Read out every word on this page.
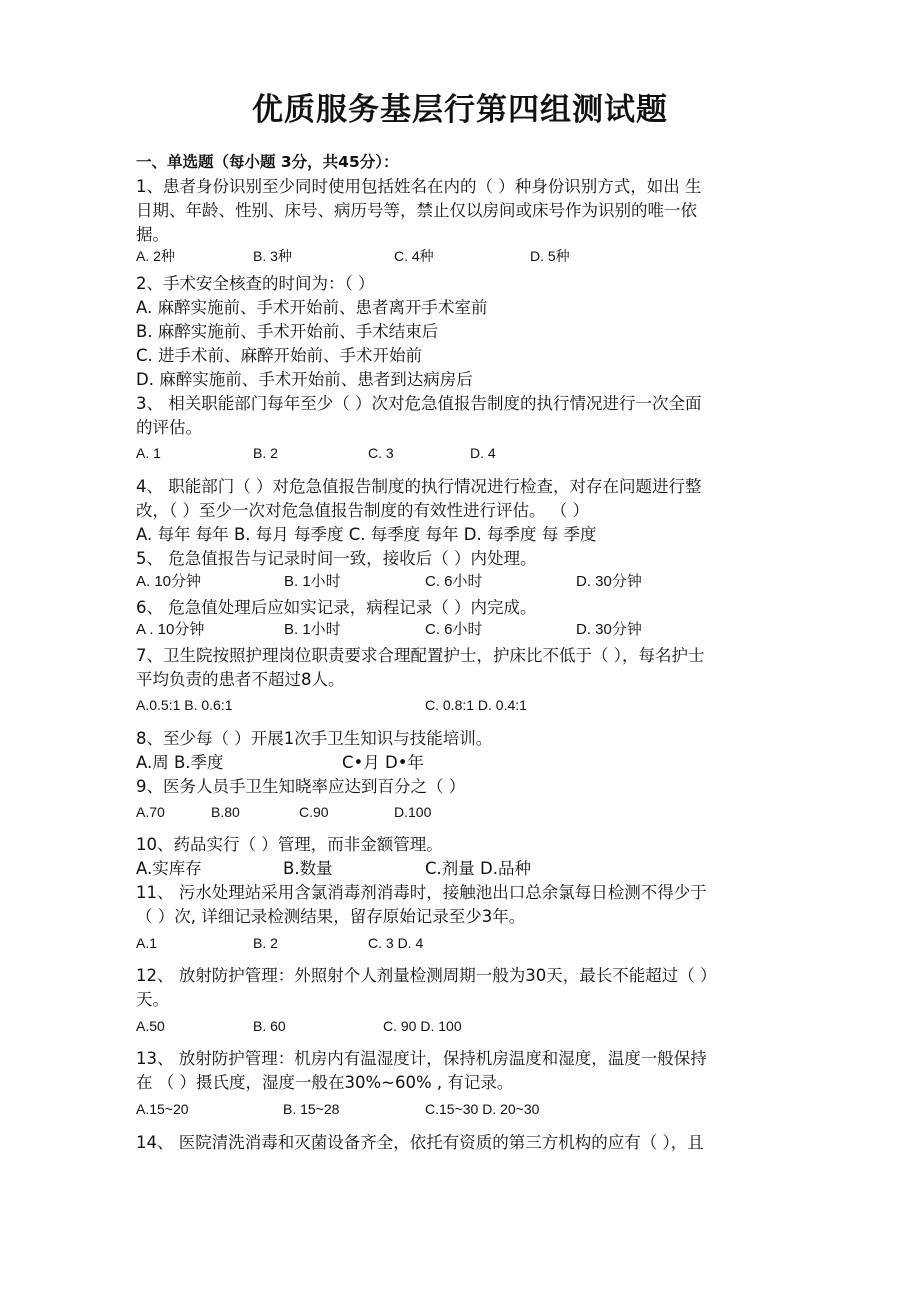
优质服务基层行第四组测试题
一、单选题（每小题 3分，共45分）：
1、患者身份识别至少同时使用包括姓名在内的（ ）种身份识别方式，如出 生
日期、年龄、性别、床号、病历号等，禁止仅以房间或床号作为识别的唯一依
据。
A. 2种	B. 3种	C. 4种	D. 5种
2、手术安全核查的时间为：（ ）
A. 麻醉实施前、手术开始前、患者离开手术室前
B. 麻醉实施前、手术开始前、手术结束后
C. 进手术前、麻醉开始前、手术开始前
D. 麻醉实施前、手术开始前、患者到达病房后
3、 相关职能部门每年至少（ ）次对危急值报告制度的执行情况进行一次全面
的评估。
A. 1	B. 2	C. 3	D. 4
4、 职能部门（ ）对危急值报告制度的执行情况进行检查，对存在问题进行整
改，（ ）至少一次对危急值报告制度的有效性进行评估。 （ ）
A. 每年 每年 B. 每月 每季度 C. 每季度 每年 D. 每季度 每 季度
5、 危急值报告与记录时间一致，接收后（ ）内处理。
A. 10分钟	B. 1小时	C. 6小时	D. 30分钟
6、 危急值处理后应如实记录，病程记录（ ）内完成。
A . 10分钟	B. 1小时	C. 6小时	D. 30分钟
7、卫生院按照护理岗位职责要求合理配置护士，护床比不低于（ ），每名护士
平均负责的患者不超过8人。
A.0.5:1 B. 0.6:1	C. 0.8:1 D. 0.4:1
8、至少每（ ）开展1次手卫生知识与技能培训。
A.周 B.季度	C•月 D•年
9、医务人员手卫生知晓率应达到百分之（ ）
A.70	B.80	C.90	D.100
10、药品实行（ ）管理，而非金额管理。
A.实库存	B.数量	C.剂量 D.品种
11、 污水处理站采用含氯消毒剂消毒时，接触池出口总余氯每日检测不得少于
（ ）次, 详细记录检测结果，留存原始记录至少3年。
A.1	B. 2	C. 3 D. 4
12、 放射防护管理：外照射个人剂量检测周期一般为30天，最长不能超过（ ）
天。
A.50	B. 60	C. 90 D. 100
13、 放射防护管理：机房内有温湿度计，保持机房温度和湿度，温度一般保持
在 （ ）摄氏度，湿度一般在30%~60% , 有记录。
A.15~20	B. 15~28	C.15~30 D. 20~30
14、 医院清洗消毒和灭菌设备齐全，依托有资质的第三方机构的应有（ ），且
